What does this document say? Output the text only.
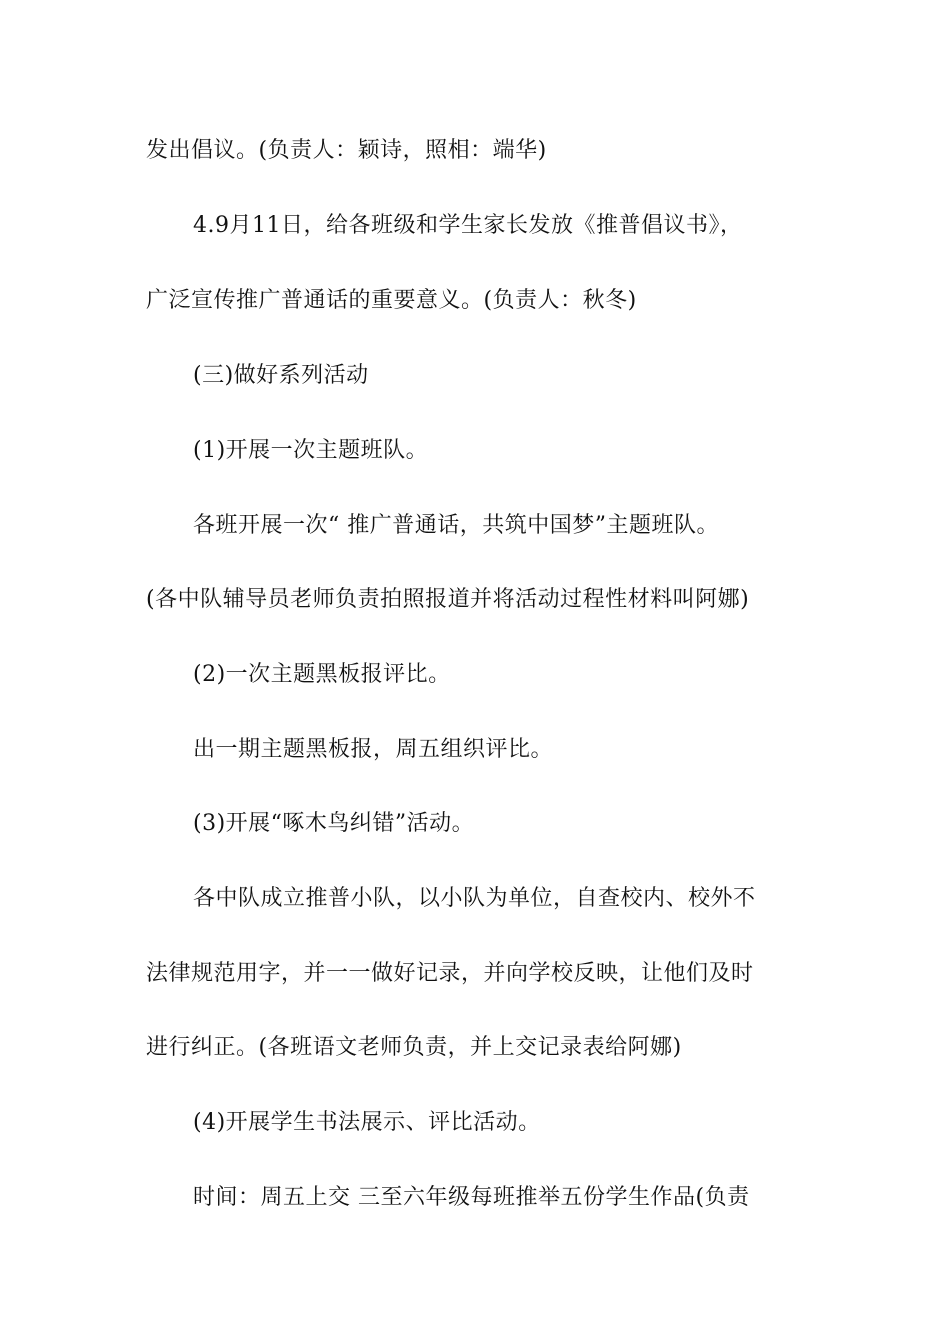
发出倡议。(负责人：颖诗，照相：端华)
4.9月11日，给各班级和学生家长发放《推普倡议书》，
广泛宣传推广普通话的重要意义。(负责人：秋冬)
(三)做好系列活动
(1)开展一次主题班队。
各班开展一次“ 推广普通话，共筑中国梦”主题班队。
(各中队辅导员老师负责拍照报道并将活动过程性材料叫阿娜)
(2)一次主题黑板报评比。
出一期主题黑板报，周五组织评比。
(3)开展“啄木鸟纠错”活动。
各中队成立推普小队，以小队为单位，自查校内、校外不
法律规范用字，并一一做好记录，并向学校反映，让他们及时
进行纠正。(各班语文老师负责，并上交记录表给阿娜)
(4)开展学生书法展示、评比活动。
时间：周五上交 三至六年级每班推举五份学生作品(负责
